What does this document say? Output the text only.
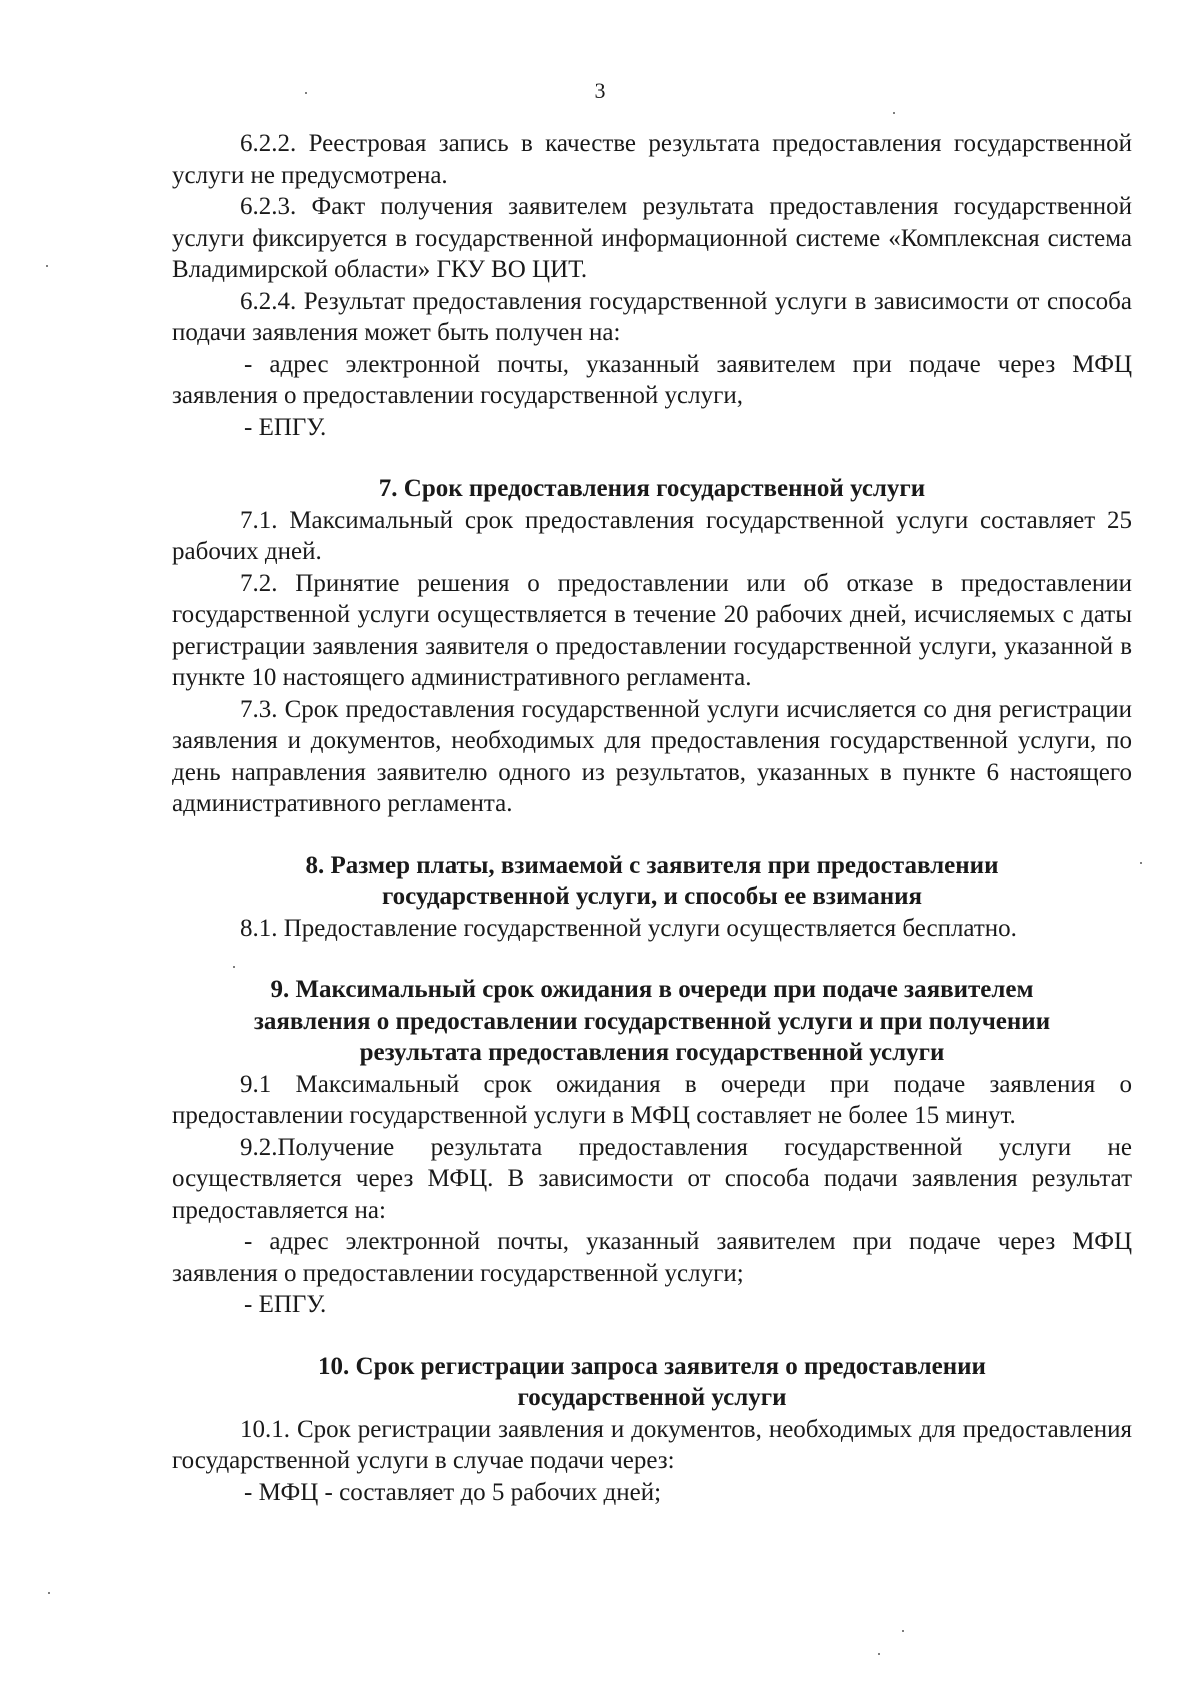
3

6.2.2. Реестровая запись в качестве результата предоставления государственной услуги не предусмотрена.

6.2.3. Факт получения заявителем результата предоставления государственной услуги фиксируется в государственной информационной системе «Комплексная система Владимирской области» ГКУ ВО ЦИТ.

6.2.4. Результат предоставления государственной услуги в зависимости от способа подачи заявления может быть получен на:

- адрес электронной почты, указанный заявителем при подаче через МФЦ заявления о предоставлении государственной услуги,

- ЕПГУ.

7. Срок предоставления государственной услуги

7.1. Максимальный срок предоставления государственной услуги составляет 25 рабочих дней.

7.2. Принятие решения о предоставлении или об отказе в предоставлении государственной услуги осуществляется в течение 20 рабочих дней, исчисляемых с даты регистрации заявления заявителя о предоставлении государственной услуги, указанной в пункте 10 настоящего административного регламента.

7.3. Срок предоставления государственной услуги исчисляется со дня регистрации заявления и документов, необходимых для предоставления государственной услуги, по день направления заявителю одного из результатов, указанных в пункте 6 настоящего административного регламента.

8. Размер платы, взимаемой с заявителя при предоставлении государственной услуги, и способы ее взимания

8.1. Предоставление государственной услуги осуществляется бесплатно.

9. Максимальный срок ожидания в очереди при подаче заявителем заявления о предоставлении государственной услуги и при получении результата предоставления государственной услуги

9.1 Максимальный срок ожидания в очереди при подаче заявления о предоставлении государственной услуги в МФЦ составляет не более 15 минут.

9.2.Получение результата предоставления государственной услуги не осуществляется через МФЦ. В зависимости от способа подачи заявления результат предоставляется на:

- адрес электронной почты, указанный заявителем при подаче через МФЦ заявления о предоставлении государственной услуги;

- ЕПГУ.

10. Срок регистрации запроса заявителя о предоставлении государственной услуги

10.1. Срок регистрации заявления и документов, необходимых для предоставления государственной услуги в случае подачи через:

- МФЦ - составляет до 5 рабочих дней;
